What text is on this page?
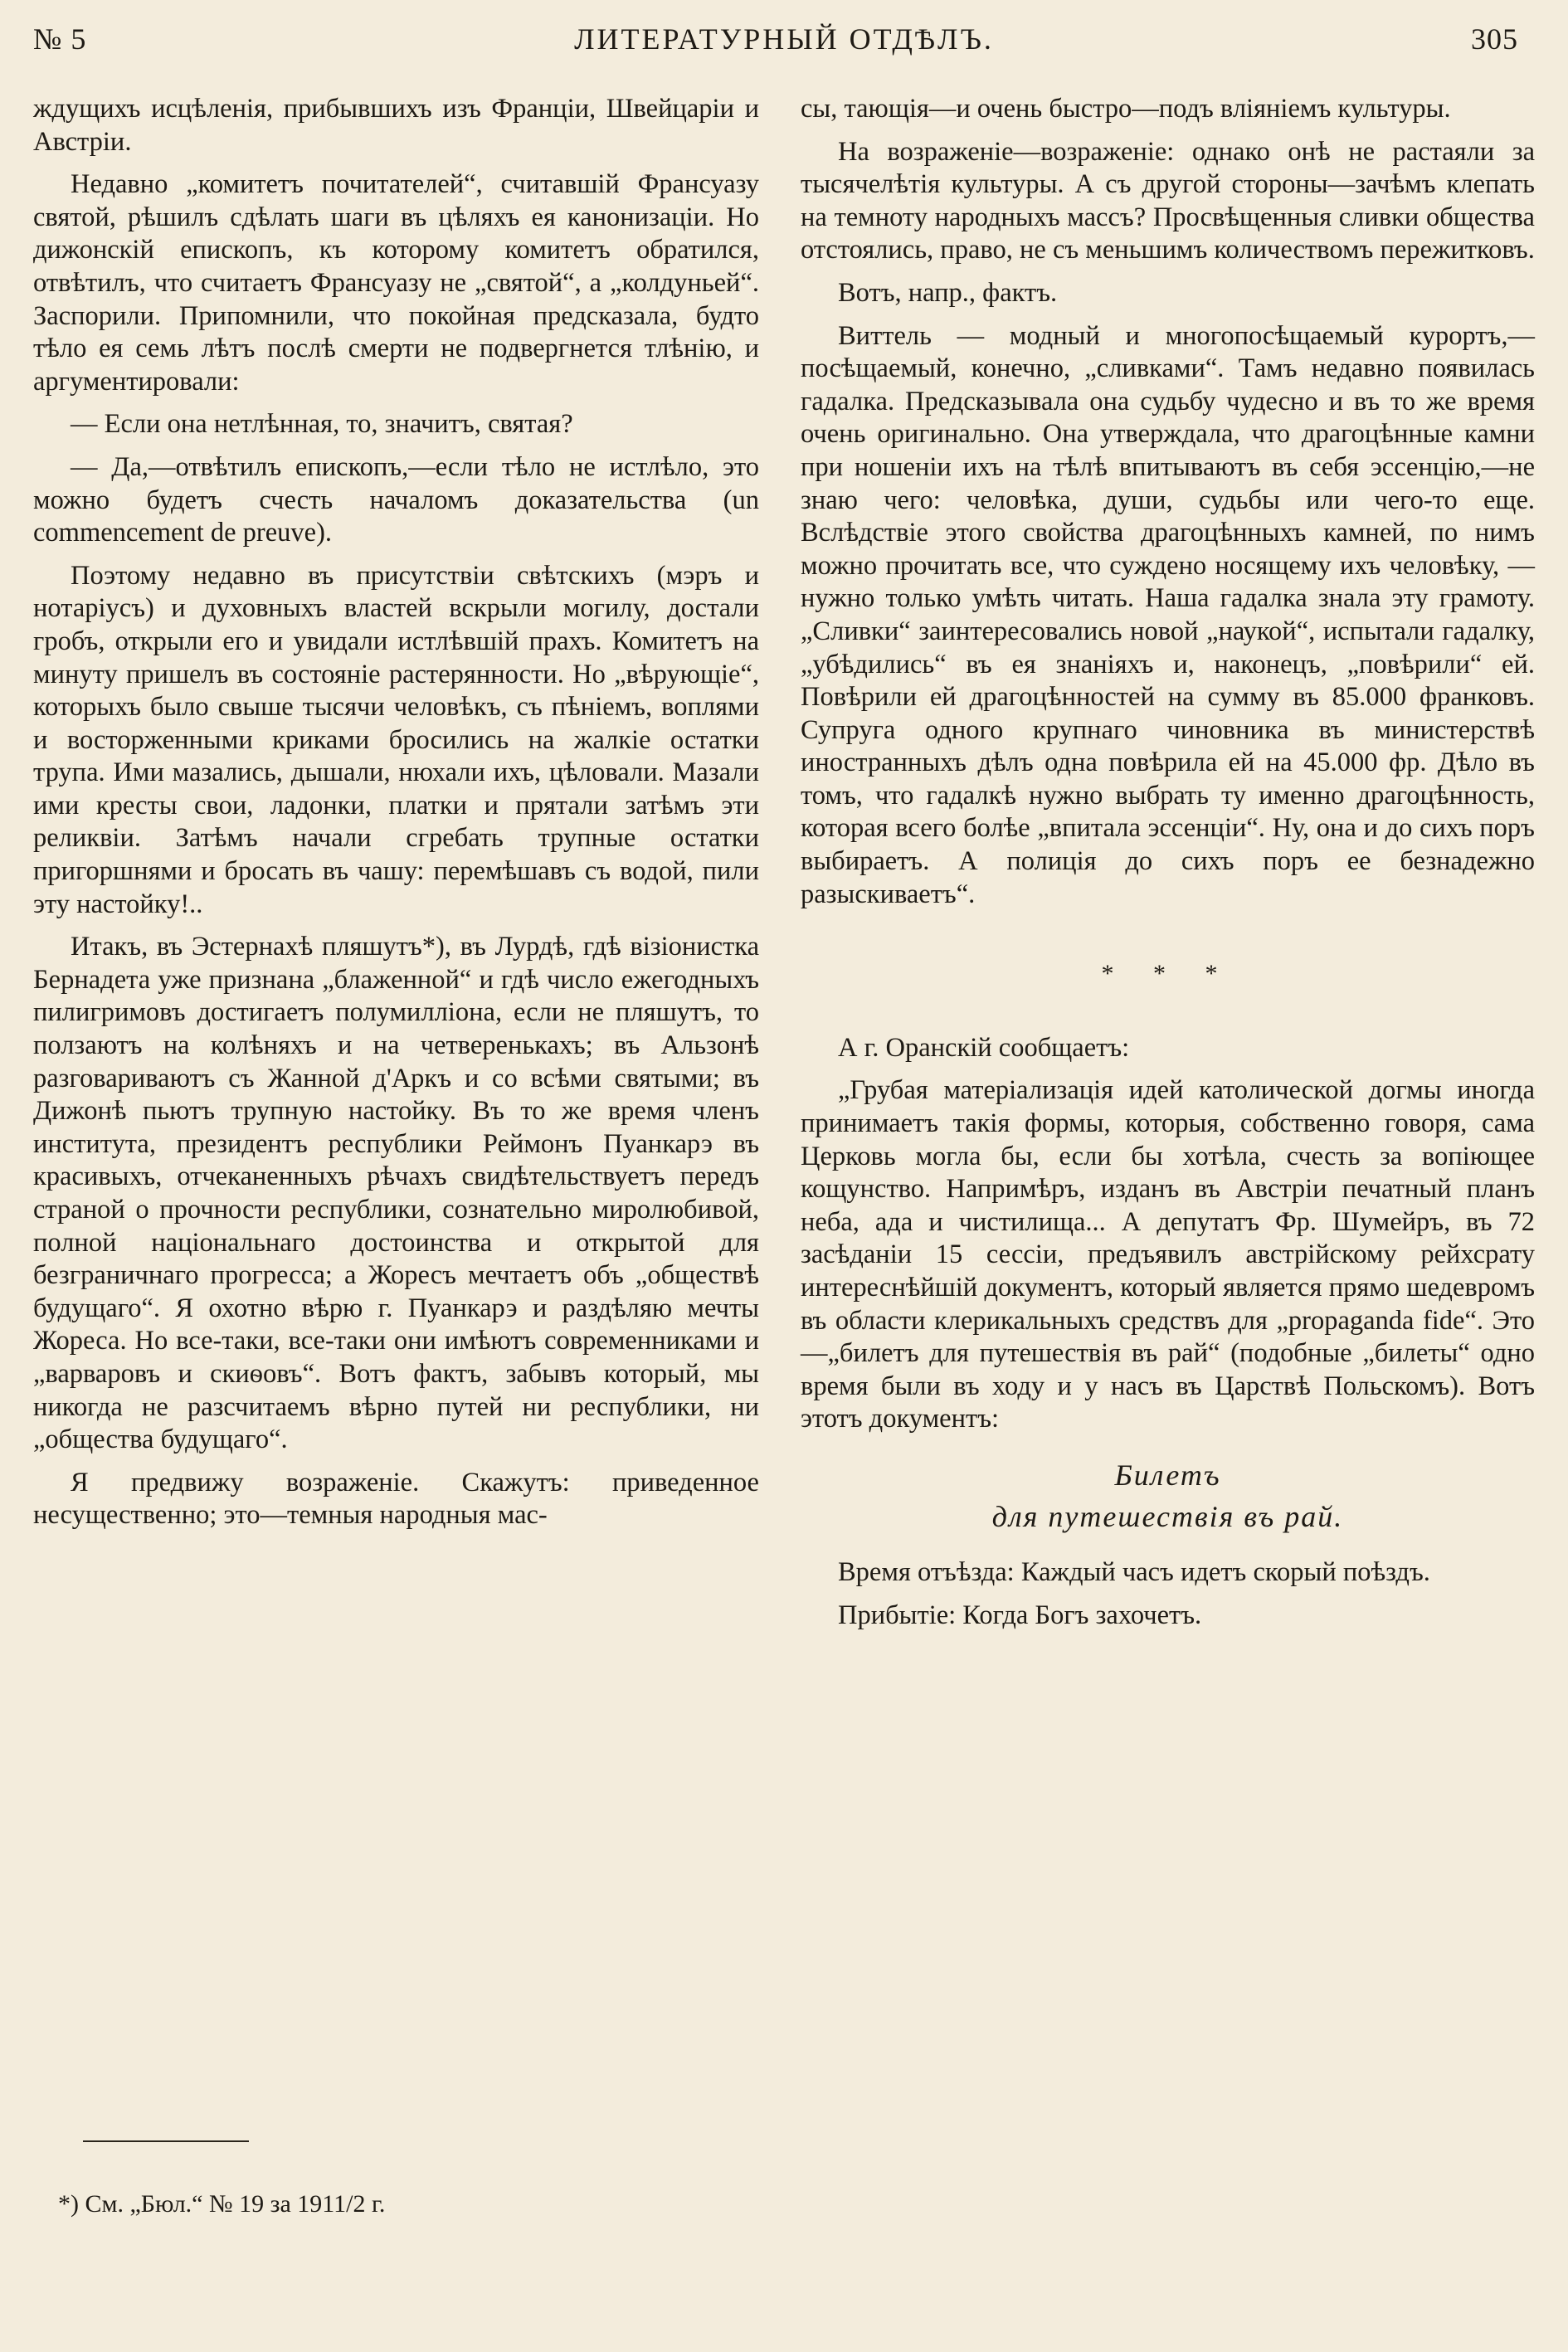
№ 5	ЛИТЕРАТУРНЫЙ ОТДѢЛЪ.	305

ждущихъ исцѣленія, прибывшихъ изъ Франціи, Швейцаріи и Австріи.

Недавно „комитетъ почитателей“, считавшій Франсуазу святой, рѣшилъ сдѣлать шаги въ цѣляхъ ея канонизаціи. Но дижонскій епископъ, къ которому комитетъ обратился, отвѣтилъ, что считаетъ Франсуазу не „святой“, а „колдуньей“. Заспорили. Припомнили, что покойная предсказала, будто тѣло ея семь лѣтъ послѣ смерти не подвергнется тлѣнію, и аргументировали:

— Если она нетлѣнная, то, значитъ, святая?

— Да,—отвѣтилъ епископъ,—если тѣло не истлѣло, это можно будетъ счесть началомъ доказательства (un commencement de preuve).

Поэтому недавно въ присутствіи свѣтскихъ (мэръ и нотаріусъ) и духовныхъ властей вскрыли могилу, достали гробъ, открыли его и увидали истлѣвшій прахъ. Комитетъ на минуту пришелъ въ состояніе растерянности. Но „вѣрующіе“, которыхъ было свыше тысячи человѣкъ, съ пѣніемъ, воплями и восторженными криками бросились на жалкіе остатки трупа. Ими мазались, дышали, нюхали ихъ, цѣловали. Мазали ими кресты свои, ладонки, платки и прятали затѣмъ эти реликвіи. Затѣмъ начали сгребать трупные остатки пригоршнями и бросать въ чашу: перемѣшавъ съ водой, пили эту настойку!..

Итакъ, въ Эстернахѣ пляшутъ*), въ Лурдѣ, гдѣ візіонистка Бернадета уже признана „блаженной“ и гдѣ число ежегодныхъ пилигримовъ достигаетъ полумилліона, если не пляшутъ, то ползаютъ на колѣняхъ и на четверенькахъ; въ Альзонѣ разговариваютъ съ Жанной д'Аркъ и со всѣми святыми; въ Дижонѣ пьютъ трупную настойку. Въ то же время членъ института, президентъ республики Реймонъ Пуанкарэ въ красивыхъ, отчеканенныхъ рѣчахъ свидѣтельствуетъ передъ страной о прочности республики, сознательно миролюбивой, полной національнаго достоинства и открытой для безграничнаго прогресса; а Жоресъ мечтаетъ объ „обществѣ будущаго“. Я охотно вѣрю г. Пуанкарэ и раздѣляю мечты Жореса. Но все-таки, все-таки они имѣютъ современниками и „варваровъ и скиѳовъ“. Вотъ фактъ, забывъ который, мы никогда не разсчитаемъ вѣрно путей ни республики, ни „общества будущаго“.

Я предвижу возраженіе. Скажутъ: приведенное несущественно; это—темныя народныя мас-

сы, тающія—и очень быстро—подъ вліяніемъ культуры.

На возраженіе—возраженіе: однако онѣ не растаяли за тысячелѣтія культуры. А съ другой стороны—зачѣмъ клепать на темноту народныхъ массъ? Просвѣщенныя сливки общества отстоялись, право, не съ меньшимъ количествомъ пережитковъ.

Вотъ, напр., фактъ.

Виттель — модный и многопосѣщаемый курортъ,— посѣщаемый, конечно, „сливками“. Тамъ недавно появилась гадалка. Предсказывала она судьбу чудесно и въ то же время очень оригинально. Она утверждала, что драгоцѣнные камни при ношеніи ихъ на тѣлѣ впитываютъ въ себя эссенцію,—не знаю чего: человѣка, души, судьбы или чего-то еще. Вслѣдствіе этого свойства драгоцѣнныхъ камней, по нимъ можно прочитать все, что суждено носящему ихъ человѣку, — нужно только умѣть читать. Наша гадалка знала эту грамоту. „Сливки“ заинтересовались новой „наукой“, испытали гадалку, „убѣдились“ въ ея знаніяхъ и, наконецъ, „повѣрили“ ей. Повѣрили ей драгоцѣнностей на сумму въ 85.000 франковъ. Супруга одного крупнаго чиновника въ министерствѣ иностранныхъ дѣлъ одна повѣрила ей на 45.000 фр. Дѣло въ томъ, что гадалкѣ нужно выбрать ту именно драгоцѣнность, которая всего болѣе „впитала эссенціи“. Ну, она и до сихъ поръ выбираетъ. А полиція до сихъ поръ ее безнадежно разыскиваетъ“.

* * *

А г. Оранскій сообщаетъ:

„Грубая матеріализація идей католической догмы иногда принимаетъ такія формы, которыя, собственно говоря, сама Церковь могла бы, если бы хотѣла, счесть за вопіющее кощунство. Напримѣръ, изданъ въ Австріи печатный планъ неба, ада и чистилища... А депутатъ Фр. Шумейръ, въ 72 засѣданіи 15 сессіи, предъявилъ австрійскому рейхсрату интереснѣйшій документъ, который является прямо шедевромъ въ области клерикальныхъ средствъ для „propaganda fide“. Это—„билетъ для путешествія въ рай“ (подобные „билеты“ одно время были въ ходу и у насъ въ Царствѣ Польскомъ). Вотъ этотъ документъ:

Билетъ
для путешествія въ рай.

Время отъѣзда: Каждый часъ идетъ скорый поѣздъ.

Прибытіе: Когда Богъ захочетъ.

*) См. „Бюл.“ № 19 за 1911/2 г.
